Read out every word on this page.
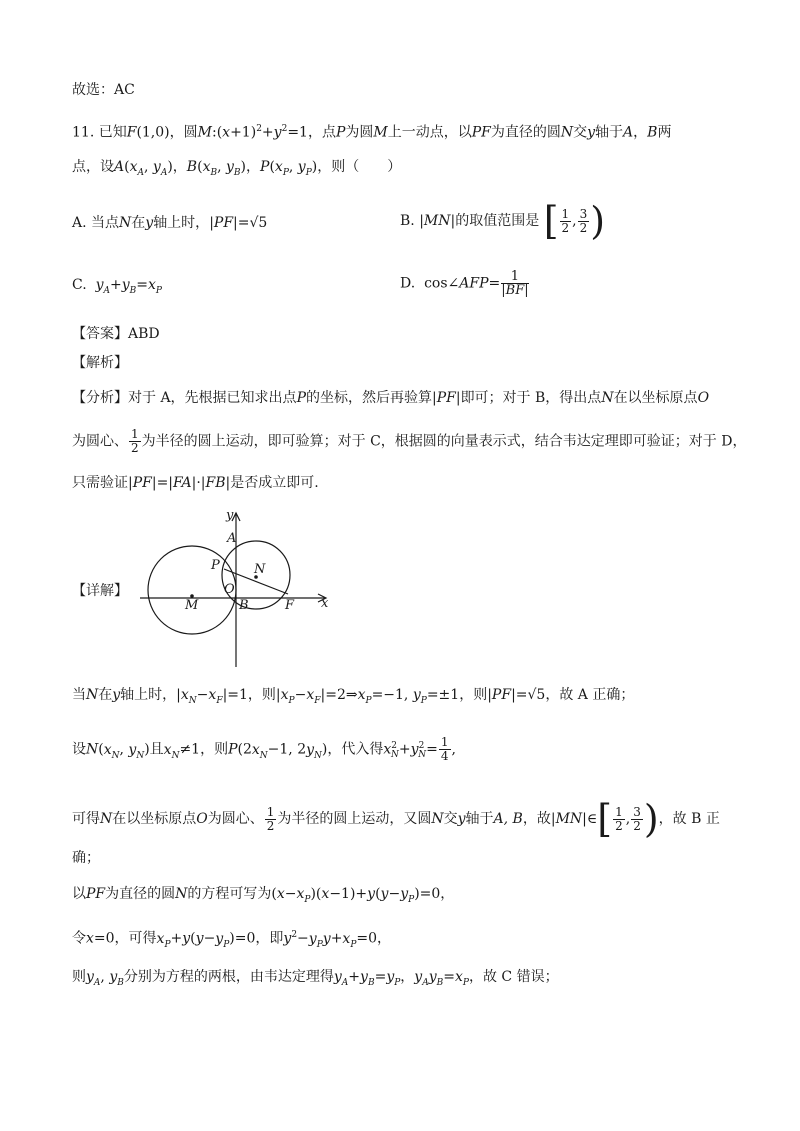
故选：AC
11. 已知F(1,0)，圆$M:(x+1)^2+y^2=1$，点P为圆M上一动点，以PF为直径的圆N交y轴于A，B两
点，设$A(x_A$, $y_A$)，$B(x_B$, $y_B$)，$P(x_P$, $y_P$)，则（　　）
A. 当点N在y轴上时，|PF|=√5	B. |MN|的取值范围是 [ $\frac{1}{2}$ , $\frac{3}{2}$ )
C. $y_A+y_B=x_P$	D.  cos∠AFP= $\frac{1}{|BF|}$
【答案】ABD
【解析】
【分析】对于 A，先根据已知求出点P的坐标，然后再验算|PF|即可；对于 B，得出点N在以坐标原点O
为圆心、 $\frac{1}{2}$ 为半径的圆上运动，即可验算；对于 C，根据圆的向量表示式，结合韦达定理即可验证；对于 D，
只需验证|PF|=|FA|·|FB|是否成立即可.
【详解】
y
x
A
P	N
O
M	B	F
当N在y轴上时，$|x_N-x_F|=1$，则$|x_P-x_F|=2\Rightarrow x_P=-1$, $y_P=\pm 1$，则|PF|=√5，故 A 正确；
设$N(x_N$, $y_N$)且$x_N\ne 1$，则$P(2x_N-1$, $2y_N$)，代入得$x^2_N+y^2_N= \frac{1}{4}$ ,
可得N在以坐标原点O为圆心、 $\frac{1}{2}$ 为半径的圆上运动，又圆N交y轴于A, B，故|MN|∈ [ $\frac{1}{2}$ , $\frac{3}{2}$ ) ，故 B 正
确；
以PF为直径的圆N的方程可写为$(x-x_P)(x-1)+y(y-y_P)=0$，
令x=0，可得$x_P+y(y-y_P)=0$，即$y^2-y_Py+x_P=0$，
则$y_A$, $y_B$分别为方程的两根，由韦达定理得$y_A+y_B=y_P$，$y_Ay_B=x_P$，故 C 错误；
